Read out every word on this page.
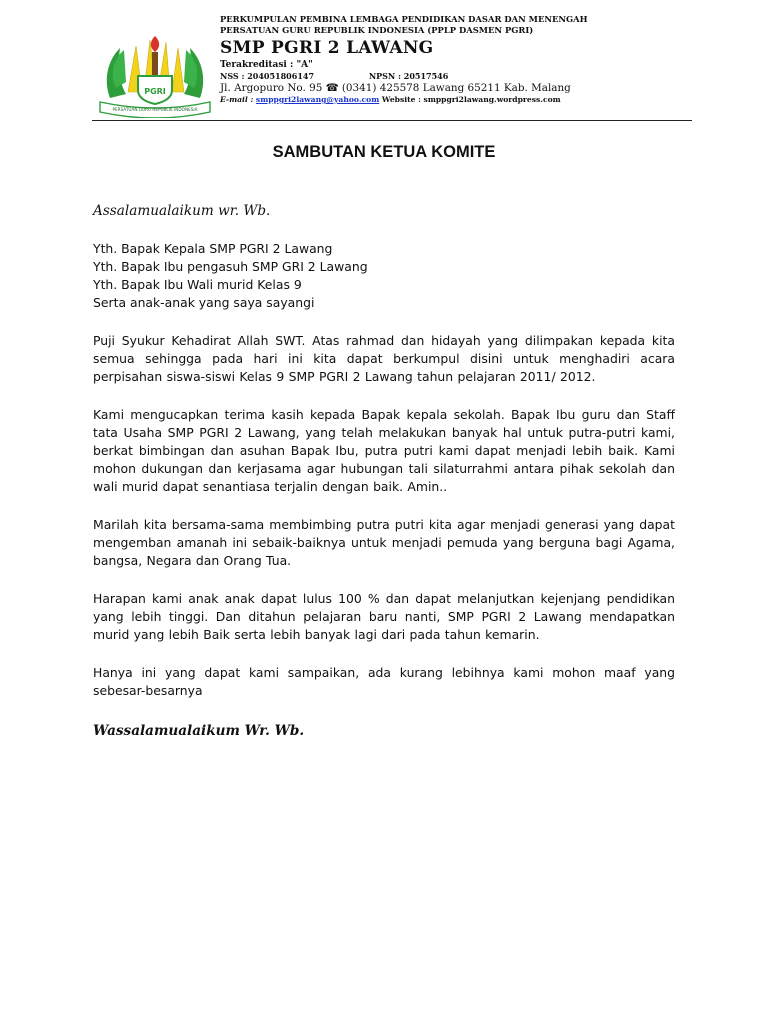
PGRI
PERSATUAN GURU REPUBLIK INDONESIA
PERKUMPULAN PEMBINA LEMBAGA PENDIDIKAN DASAR DAN MENENGAH
PERSATUAN GURU REPUBLIK INDONESIA (PPLP DASMEN PGRI)
SMP PGRI 2 LAWANG
Terakreditasi : "A"
NSS : 204051806147	NPSN : 20517546
Jl. Argopuro No. 95 ☎ (0341) 425578 Lawang 65211 Kab. Malang
E-mail : smppgri2lawang@yahoo.com Website : smppgri2lawang.wordpress.com
SAMBUTAN KETUA KOMITE

Assalamualaikum wr. Wb.

Yth. Bapak Kepala SMP PGRI 2 Lawang
Yth. Bapak Ibu pengasuh SMP GRI 2 Lawang
Yth. Bapak Ibu Wali murid Kelas 9
Serta anak-anak yang saya sayangi

Puji Syukur Kehadirat Allah SWT. Atas rahmad dan hidayah yang dilimpakan kepada kita semua sehingga pada hari ini kita dapat berkumpul disini untuk menghadiri acara perpisahan siswa-siswi Kelas 9 SMP PGRI 2 Lawang tahun pelajaran 2011/ 2012.

Kami mengucapkan terima kasih kepada Bapak kepala sekolah. Bapak Ibu guru dan Staff tata Usaha SMP PGRI 2 Lawang, yang telah melakukan banyak hal untuk putra-putri kami, berkat bimbingan dan asuhan Bapak Ibu, putra putri kami dapat menjadi lebih baik. Kami mohon dukungan dan kerjasama agar hubungan tali silaturrahmi antara pihak sekolah dan wali murid dapat senantiasa terjalin dengan baik. Amin..

Marilah kita bersama-sama membimbing putra putri kita agar menjadi generasi yang dapat mengemban amanah ini sebaik-baiknya untuk menjadi pemuda yang berguna bagi Agama, bangsa, Negara dan Orang Tua.

Harapan kami anak anak dapat lulus 100 % dan dapat melanjutkan kejenjang pendidikan yang lebih tinggi. Dan ditahun pelajaran baru nanti, SMP PGRI 2 Lawang mendapatkan murid yang lebih Baik serta lebih banyak lagi dari pada tahun kemarin.

Hanya ini yang dapat kami sampaikan, ada kurang lebihnya kami mohon maaf yang sebesar-besarnya

Wassalamualaikum Wr. Wb.
